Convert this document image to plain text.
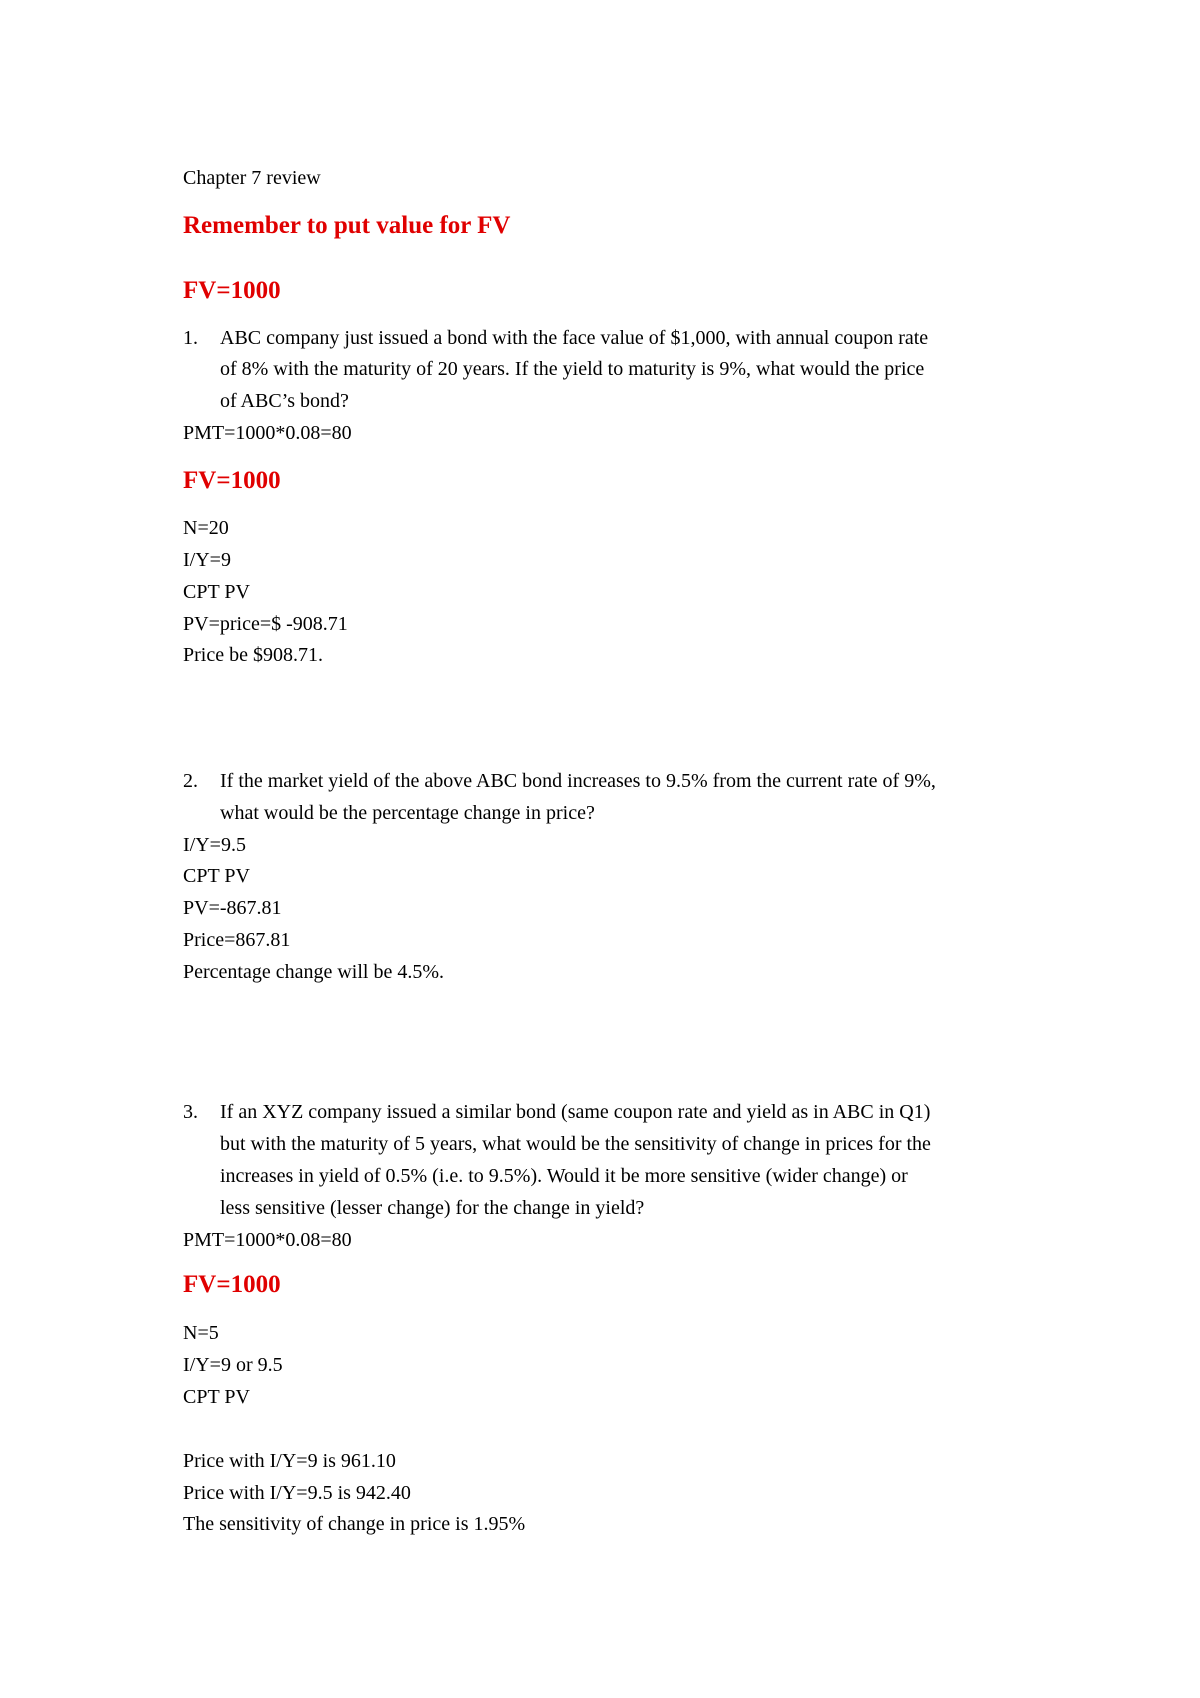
Chapter 7 review
Remember to put value for FV
FV=1000
1. ABC company just issued a bond with the face value of $1,000, with annual coupon rate
of 8% with the maturity of 20 years. If the yield to maturity is 9%, what would the price
of ABC’s bond?
PMT=1000*0.08=80
FV=1000
N=20
I/Y=9
CPT PV
PV=price=$ -908.71
Price be $908.71.
2. If the market yield of the above ABC bond increases to 9.5% from the current rate of 9%,
what would be the percentage change in price?
I/Y=9.5
CPT PV
PV=-867.81
Price=867.81
Percentage change will be 4.5%.
3. If an XYZ company issued a similar bond (same coupon rate and yield as in ABC in Q1)
but with the maturity of 5 years, what would be the sensitivity of change in prices for the
increases in yield of 0.5% (i.e. to 9.5%). Would it be more sensitive (wider change) or
less sensitive (lesser change) for the change in yield?
PMT=1000*0.08=80
FV=1000
N=5
I/Y=9 or 9.5
CPT PV
Price with I/Y=9 is 961.10
Price with I/Y=9.5 is 942.40
The sensitivity of change in price is 1.95%
